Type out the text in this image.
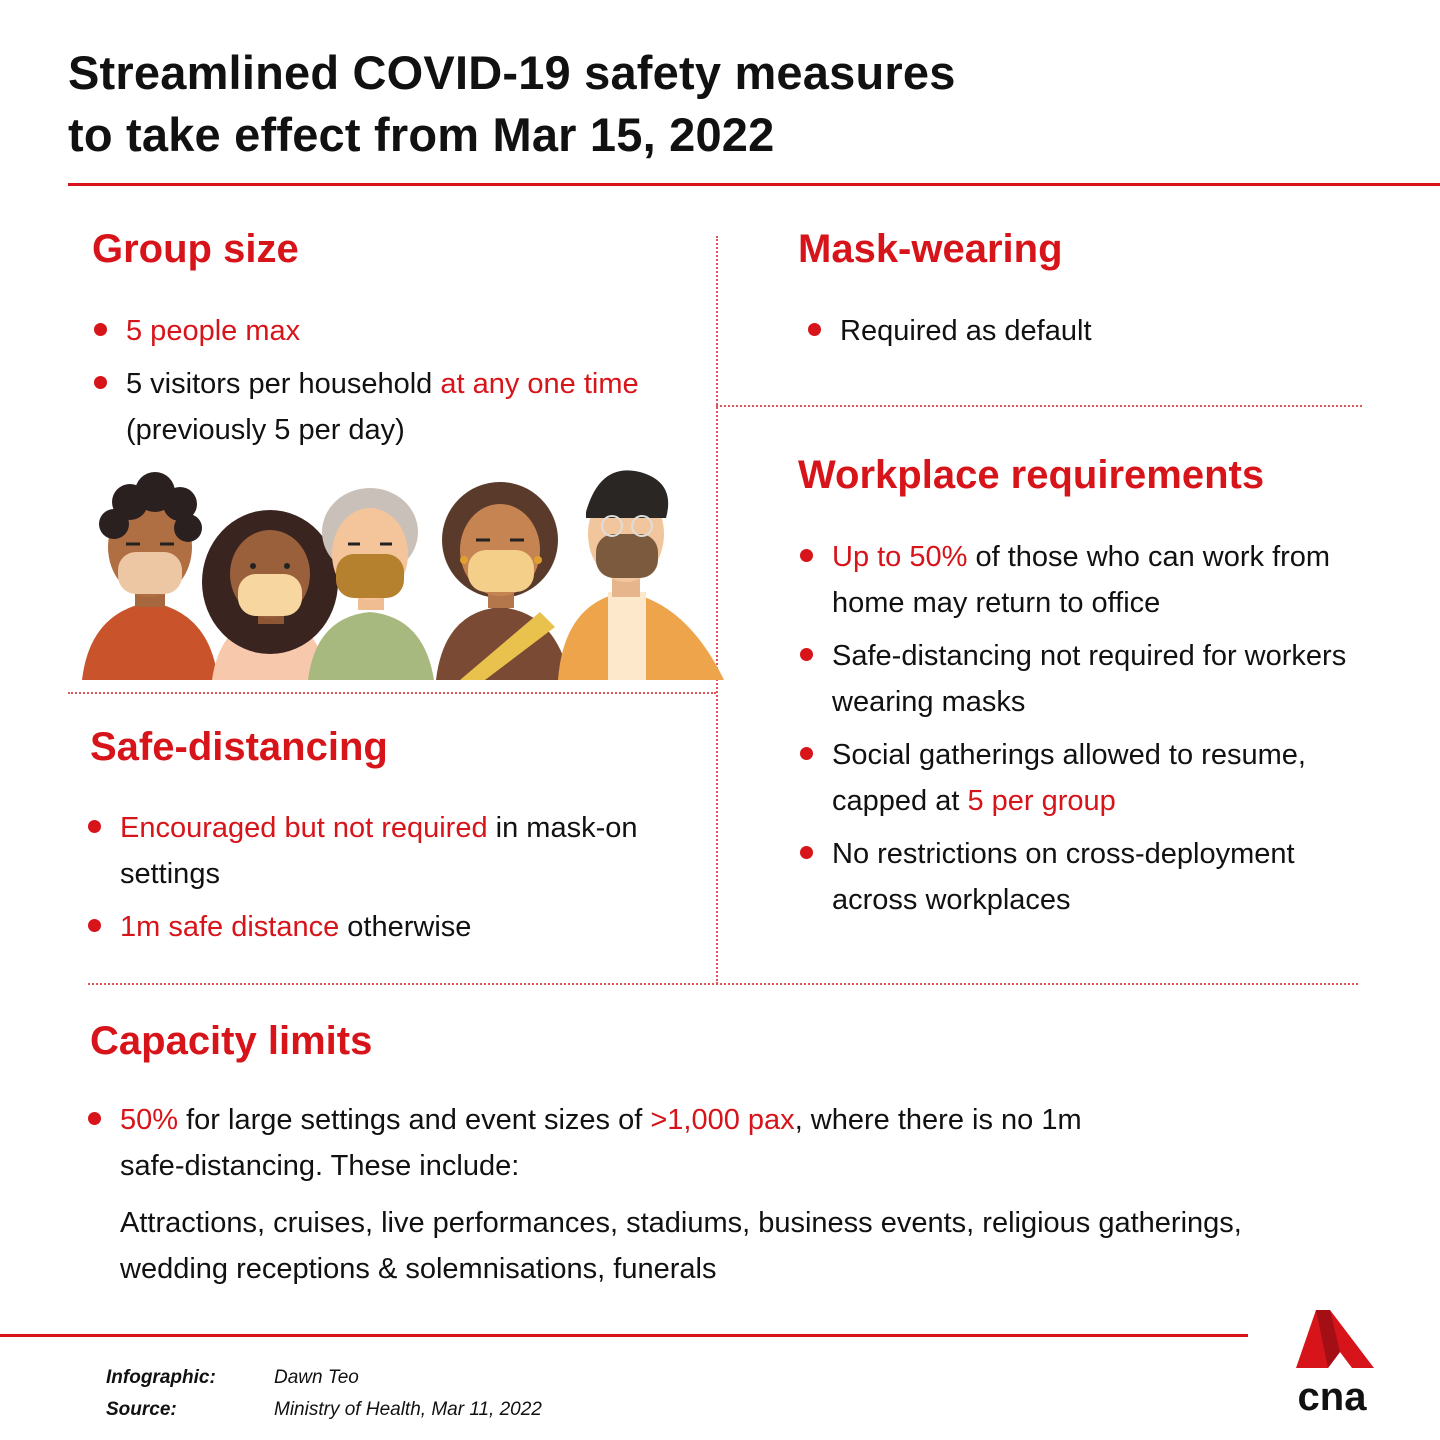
Streamlined COVID-19 safety measures
to take effect from Mar 15, 2022
Group size
5 people max
5 visitors per household at any one time (previously 5 per day)
Mask-wearing
Required as default
Workplace requirements
Up to 50% of those who can work from home may return to office
Safe-distancing not required for workers wearing masks
Social gatherings allowed to resume, capped at 5 per group
No restrictions on cross-deployment across workplaces
Safe-distancing
Encouraged but not required in mask-on settings
1m safe distance otherwise
Capacity limits
50% for large settings and event sizes of >1,000 pax, where there is no 1m safe-distancing. These include:
Attractions, cruises, live performances, stadiums, business events, religious gatherings, wedding receptions & solemnisations, funerals
Infographic:	Dawn Teo
Source:	Ministry of Health, Mar 11, 2022	cna
